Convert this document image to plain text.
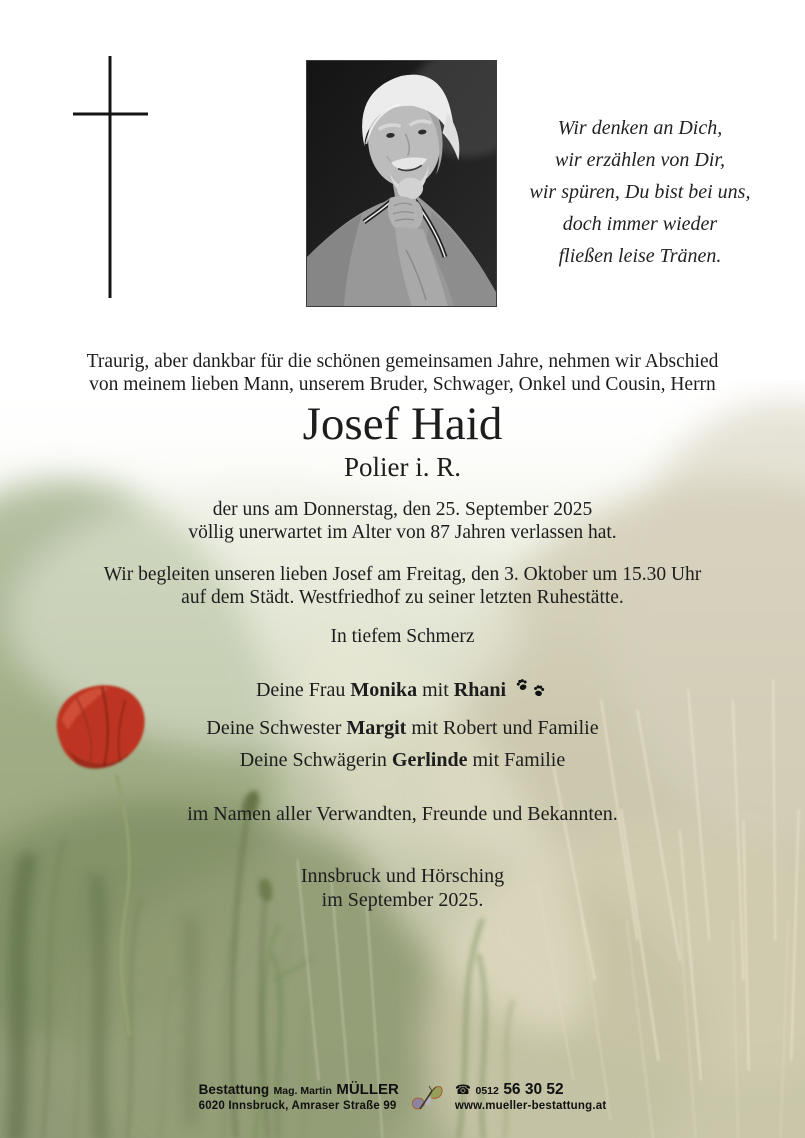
Wir denken an Dich,
wir erzählen von Dir,
wir spüren, Du bist bei uns,
doch immer wieder
fließen leise Tränen.
Traurig, aber dankbar für die schönen gemeinsamen Jahre, nehmen wir Abschied
von meinem lieben Mann, unserem Bruder, Schwager, Onkel und Cousin, Herrn
Josef Haid
Polier i. R.
der uns am Donnerstag, den 25. September 2025
völlig unerwartet im Alter von 87 Jahren verlassen hat.
Wir begleiten unseren lieben Josef am Freitag, den 3. Oktober um 15.30 Uhr
auf dem Städt. Westfriedhof zu seiner letzten Ruhestätte.
In tiefem Schmerz
Deine Frau Monika mit Rhani
Deine Schwester Margit mit Robert und Familie
Deine Schwägerin Gerlinde mit Familie
im Namen aller Verwandten, Freunde und Bekannten.
Innsbruck und Hörsching
im September 2025.
Bestattung Mag. Martin MÜLLER
6020 Innsbruck, Amraser Straße 99
☎ 0512 56 30 52
www.mueller-bestattung.at
